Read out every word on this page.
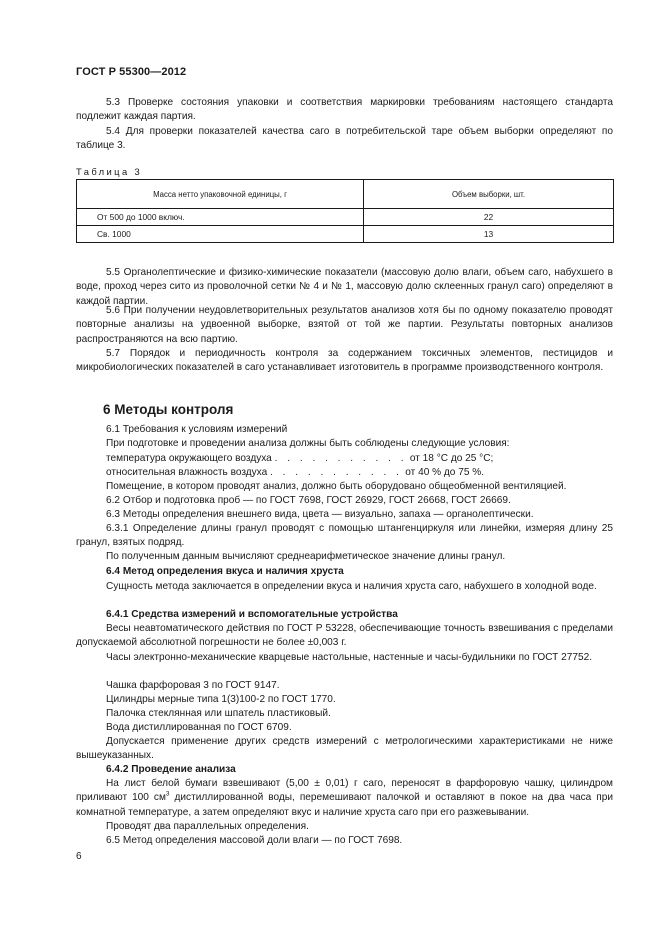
ГОСТ Р 55300—2012
5.3 Проверке состояния упаковки и соответствия маркировки требованиям настоящего стандарта подлежит каждая партия.
5.4 Для проверки показателей качества саго в потребительской таре объем выборки определяют по таблице 3.
Таблица 3
Масса нетто упаковочной единицы, г	Объем выборки, шт.
От 500 до 1000 включ.	22
Св. 1000	13
5.5 Органолептические и физико-химические показатели (массовую долю влаги, объем саго, набухшего в воде, проход через сито из проволочной сетки № 4 и № 1, массовую долю склеенных гранул саго) определяют в каждой партии.
5.6 При получении неудовлетворительных результатов анализов хотя бы по одному показателю проводят повторные анализы на удвоенной выборке, взятой от той же партии. Результаты повторных анализов распространяются на всю партию.
5.7 Порядок и периодичность контроля за содержанием токсичных элементов, пестицидов и микробиологических показателей в саго устанавливает изготовитель в программе производственного контроля.
6 Методы контроля
6.1 Требования к условиям измерений
При подготовке и проведении анализа должны быть соблюдены следующие условия:
температура окружающего воздуха . . . . . . . . . . . от 18 °С до 25 °С;
относительная влажность воздуха . . . . . . . . . . . от 40 % до 75 %.
Помещение, в котором проводят анализ, должно быть оборудовано общеобменной вентиляцией.
6.2 Отбор и подготовка проб — по ГОСТ 7698, ГОСТ 26929, ГОСТ 26668, ГОСТ 26669.
6.3 Методы определения внешнего вида, цвета — визуально, запаха — органолептически.
6.3.1 Определение длины гранул проводят с помощью штангенциркуля или линейки, измеряя длину 25 гранул, взятых подряд.
По полученным данным вычисляют среднеарифметическое значение длины гранул.
6.4 Метод определения вкуса и наличия хруста
Сущность метода заключается в определении вкуса и наличия хруста саго, набухшего в холодной воде.
6.4.1 Средства измерений и вспомогательные устройства
Весы неавтоматического действия по ГОСТ Р 53228, обеспечивающие точность взвешивания с пределами допускаемой абсолютной погрешности не более ±0,003 г.
Часы электронно-механические кварцевые настольные, настенные и часы-будильники по ГОСТ 27752.
Чашка фарфоровая 3 по ГОСТ 9147.
Цилиндры мерные типа 1(3)100-2 по ГОСТ 1770.
Палочка стеклянная или шпатель пластиковый.
Вода дистиллированная по ГОСТ 6709.
Допускается применение других средств измерений с метрологическими характеристиками не ниже вышеуказанных.
6.4.2 Проведение анализа
На лист белой бумаги взвешивают (5,00 ± 0,01) г саго, переносят в фарфоровую чашку, цилиндром приливают 100 $см^3$ дистиллированной воды, перемешивают палочкой и оставляют в покое на два часа при комнатной температуре, а затем определяют вкус и наличие хруста саго при его разжевывании.
Проводят два параллельных определения.
6.5 Метод определения массовой доли влаги — по ГОСТ 7698.
6
